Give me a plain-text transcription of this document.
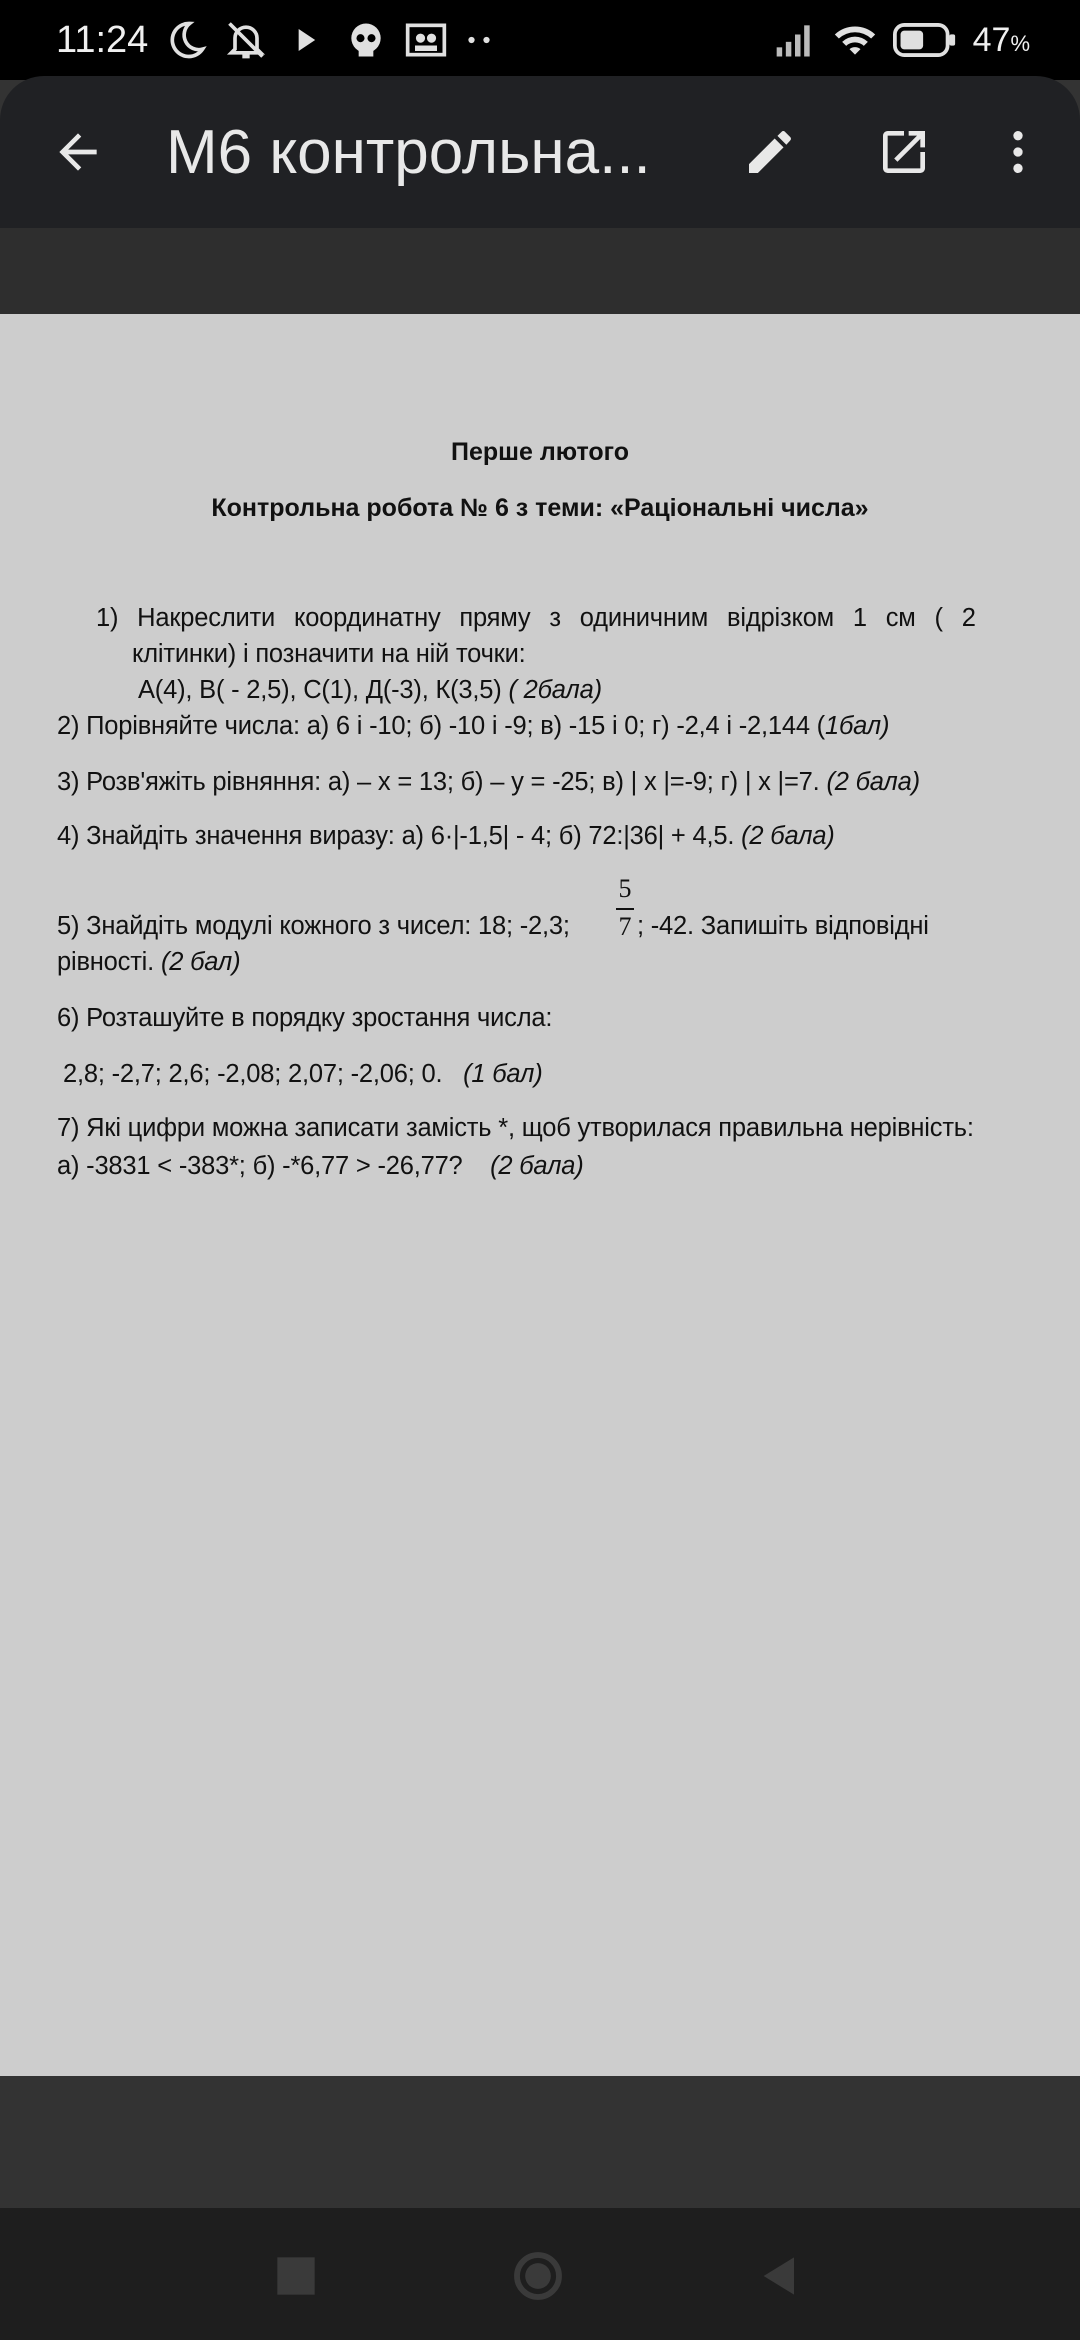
11:24	47%
M6 контрольна...
Перше лютого
Контрольна робота № 6 з теми: «Раціональні числа»
1) Накреслити координатну пряму з одиничним відрізком 1 см ( 2
клітинки) і позначити на ній точки:
А(4), В( - 2,5), С(1), Д(-3), К(3,5) ( 2бала)
2) Порівняйте числа: а) 6 і -10; б) -10 і -9; в) -15 і 0; г) -2,4 і -2,144 (1бал)
3) Розв'яжіть рівняння: а) – х = 13; б) – у = -25; в) | х |=-9; г) | х |=7. (2 бала)
4) Знайдіть значення виразу: а) 6·|-1,5| - 4; б) 72:|36| + 4,5. (2 бала)
5
7
5) Знайдіть модулі кожного з чисел: 18; -2,3;	; -42. Запишіть відповідні
рівності. (2 бал)
6) Розташуйте в порядку зростання числа:
2,8; -2,7; 2,6; -2,08; 2,07; -2,06; 0. (1 бал)
7) Які цифри можна записати замість *, щоб утворилася правильна нерівність:
а) -3831 < -383*; б) -*6,77 > -26,77? (2 бала)
